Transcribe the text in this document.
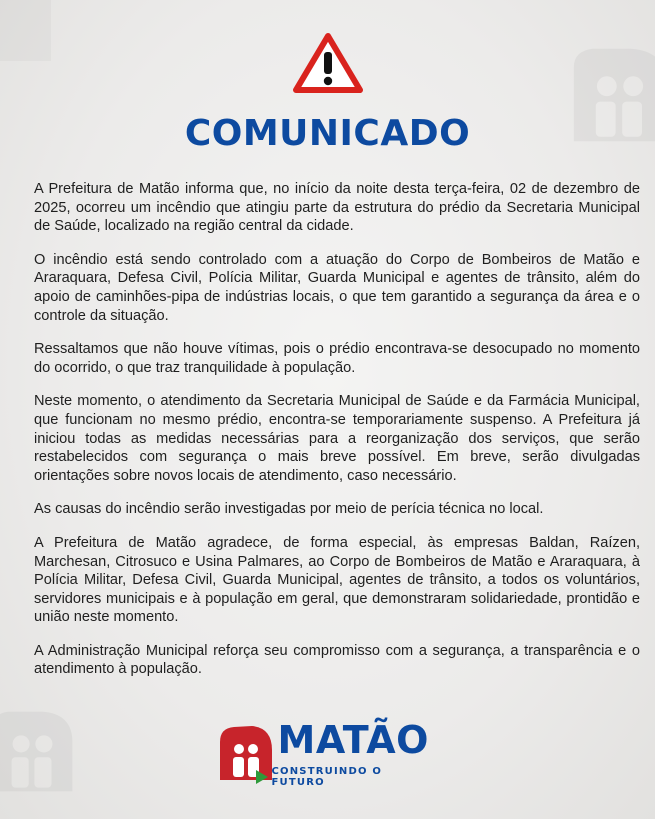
COMUNICADO

A Prefeitura de Matão informa que, no início da noite desta terça-feira, 02 de dezembro de 2025, ocorreu um incêndio que atingiu parte da estrutura do prédio da Secretaria Municipal de Saúde, localizado na região central da cidade.

O incêndio está sendo controlado com a atuação do Corpo de Bombeiros de Matão e Araraquara, Defesa Civil, Polícia Militar, Guarda Municipal e agentes de trânsito, além do apoio de caminhões-pipa de indústrias locais, o que tem garantido a segurança da área e o controle da situação.

Ressaltamos que não houve vítimas, pois o prédio encontrava-se desocupado no momento do ocorrido, o que traz tranquilidade à população.

Neste momento, o atendimento da Secretaria Municipal de Saúde e da Farmácia Municipal, que funcionam no mesmo prédio, encontra-se temporariamente suspenso. A Prefeitura já iniciou todas as medidas necessárias para a reorganização dos serviços, que serão restabelecidos com segurança o mais breve possível. Em breve, serão divulgadas orientações sobre novos locais de atendimento, caso necessário.

As causas do incêndio serão investigadas por meio de perícia técnica no local.

A Prefeitura de Matão agradece, de forma especial, às empresas Baldan, Raízen, Marchesan, Citrosuco e Usina Palmares, ao Corpo de Bombeiros de Matão e Araraquara, à Polícia Militar, Defesa Civil, Guarda Municipal, agentes de trânsito, a todos os voluntários, servidores municipais e à população em geral, que demonstraram solidariedade, prontidão e união neste momento.

A Administração Municipal reforça seu compromisso com a segurança, a transparência e o atendimento à população.

MATÃO
CONSTRUINDO O FUTURO
